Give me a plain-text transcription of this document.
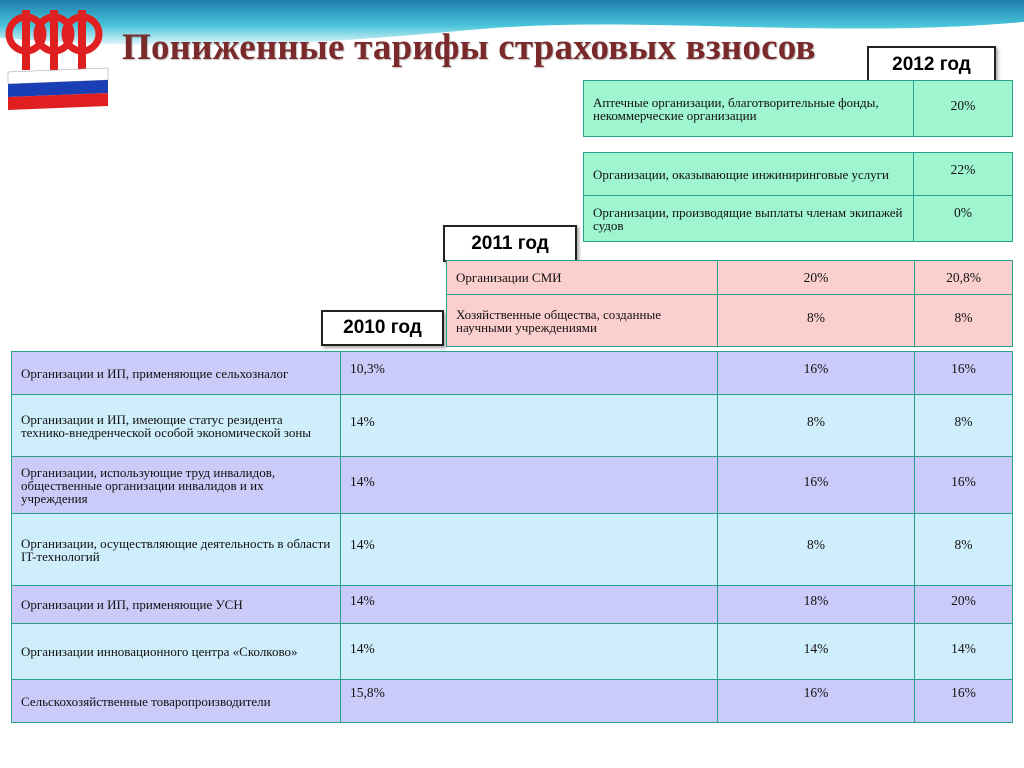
Пониженные тарифы страховых взносов	2012 год
2011 год
2010 год
Аптечные организации, благотворительные фонды, некоммерческие организации	20%
Организации, оказывающие инжиниринговые услуги	22%
Организации, производящие выплаты членам экипажей судов	0%
Организации СМИ	20%	20,8%
Хозяйственные общества, созданные научными учреждениями	8%	8%
Организации и ИП, применяющие сельхозналог	10,3%	16%	16%
Организации и ИП, имеющие статус резидента технико-внедренческой особой экономической зоны	14%	8%	8%
Организации, использующие труд инвалидов, общественные организации инвалидов и их учреждения	14%	16%	16%
Организации, осуществляющие деятельность в области IT-технологий	14%	8%	8%
Организации и ИП, применяющие УСН	14%	18%	20%
Организации инновационного центра «Сколково»	14%	14%	14%
Сельскохозяйственные товаропроизводители	15,8%	16%	16%
